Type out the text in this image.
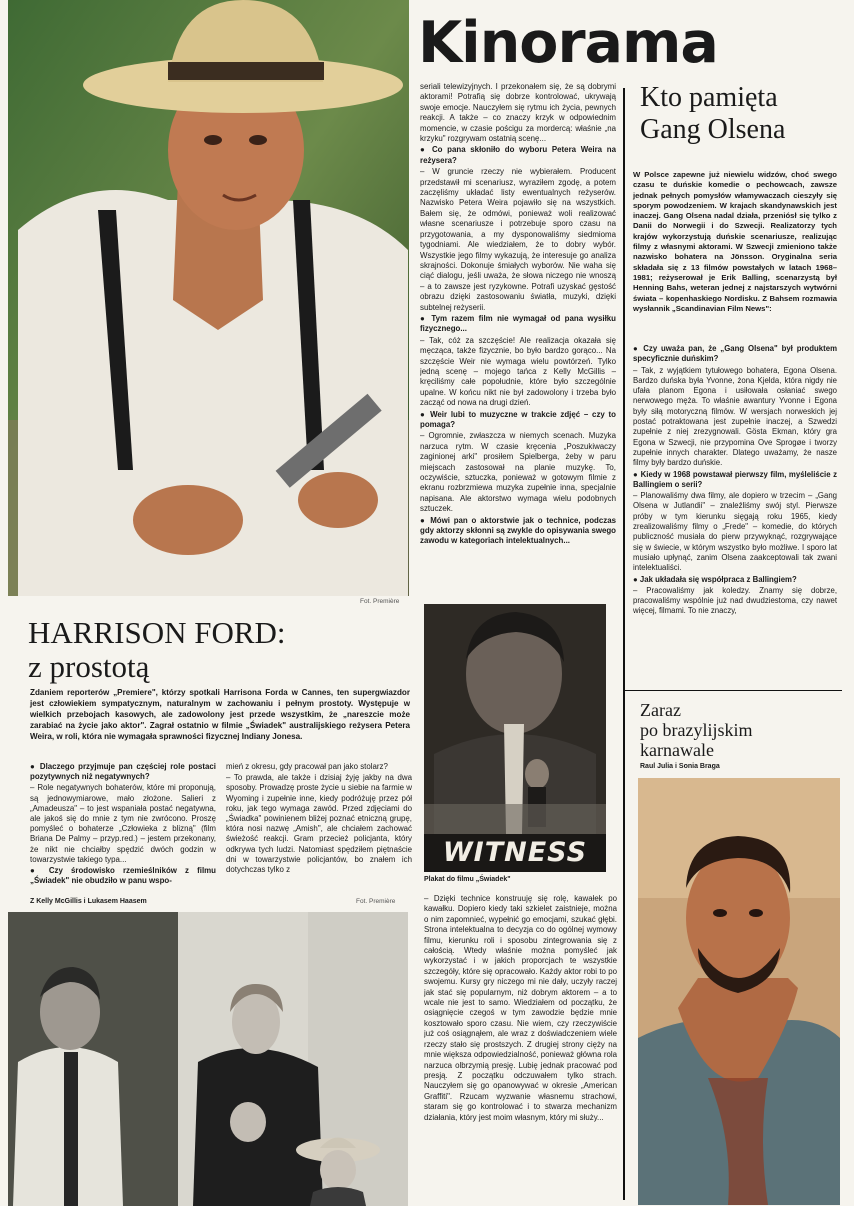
Fot. Première
Kinorama
Kto pamięta
Gang Olsena
W Polsce zapewne już niewielu widzów, choć swego czasu te duńskie komedie o pechowcach, zawsze jednak pełnych pomysłów włamywaczach cieszyły się sporym powodzeniem. W krajach skandynawskich jest inaczej. Gang Olsena nadal działa, przeniósł się tylko z Danii do Norwegii i do Szwecji. Realizatorzy tych krajów wykorzystują duńskie scenariusze, realizując filmy z własnymi aktorami. W Szwecji zmieniono także nazwisko bohatera na Jönsson. Oryginalna seria składała się z 13 filmów powstałych w latach 1968–1981; reżyserował je Erik Balling, scenarzystą był Henning Bahs, weteran jednej z najstarszych wytwórni świata – kopenhaskiego Nordisku. Z Bahsem rozmawia wysłannik „Scandinavian Film News":

● Czy uważa pan, że „Gang Olsena" był produktem specyficznie duńskim?

– Tak, z wyjątkiem tytułowego bohatera, Egona Olsena. Bardzo duńska była Yvonne, żona Kjelda, która nigdy nie ufała planom Egona i usiłowała osłaniać swego nerwowego męża. To właśnie awantury Yvonne i Egona były siłą motoryczną filmów. W wersjach norweskich jej postać potraktowana jest zupełnie inaczej, a Szwedzi zupełnie z niej zrezygnowali. Gösta Ekman, który gra Egona w Szwecji, nie przypomina Ove Sprogøe i tworzy zupełnie innych charakter. Dlatego uważamy, że nasze filmy były bardzo duńskie.

● Kiedy w 1968 powstawał pierwszy film, myśleliście z Ballingiem o serii?

– Planowaliśmy dwa filmy, ale dopiero w trzecim – „Gang Olsena w Jutlandii" – znaleźliśmy swój styl. Pierwsze próby w tym kierunku sięgają roku 1965, kiedy zrealizowaliśmy filmy o „Frede" – komedie, do których publiczność musiała do pierw przywyknąć, rozgrywające się w świecie, w którym wszystko było możliwe. I sporo lat musiało upłynąć, zanim Olsena zaakceptowali tak zwani intelektualiści.

● Jak układała się współpraca z Ballingiem?

– Pracowaliśmy jak koledzy. Znamy się dobrze, pracowaliśmy wspólnie już nad dwudziestoma, czy nawet więcej, filmami. To nie znaczy,

Zaraz
po brazylijskim
karnawale
Raul Julia i Sonia Braga
HARRISON FORD:
z prostotą
Zdaniem reporterów „Premiere", którzy spotkali Harrisona Forda w Cannes, ten supergwiazdor jest człowiekiem sympatycznym, naturalnym w zachowaniu i pełnym prostoty. Występuje w wielkich przebojach kasowych, ale zadowolony jest przede wszystkim, że „nareszcie może zarabiać na życie jako aktor". Zagrał ostatnio w filmie „Świadek" australijskiego reżysera Petera Weira, w roli, która nie wymagała sprawności fizycznej Indiany Jonesa.

● Dlaczego przyjmuje pan częściej role postaci pozytywnych niż negatywnych?

– Role negatywnych bohaterów, które mi proponują, są jednowymiarowe, mało złożone. Salieri z „Amadeusza" – to jest wspaniała postać negatywna, ale jakoś się do mnie z tym nie zwrócono. Proszę pomyśleć o bohaterze „Człowieka z blizną" (film Briana De Palmy – przyp.red.) – jestem przekonany, że nikt nie chciałby spędzić dwóch godzin w towarzystwie takiego typa...

● Czy środowisko rzemieślników z filmu „Świadek" nie obudziło w panu wspo-

mień z okresu, gdy pracował pan jako stolarz?

– To prawda, ale także i dzisiaj żyję jakby na dwa sposoby. Prowadzę proste życie u siebie na farmie w Wyoming i zupełnie inne, kiedy podróżuję przez pół roku, jak tego wymaga zawód. Przed zdjęciami do „Świadka" powinienem bliżej poznać etniczną grupę, która nosi nazwę „Amish", ale chciałem zachować świeżość reakcji. Gram przecież policjanta, który odkrywa tych ludzi. Natomiast spędziłem piętnaście dni w towarzystwie policjantów, bo znałem ich dotychczas tylko z

Z Kelly McGillis i Lukasem Haasem	Fot. Première
WITNESS
Plakat do filmu „Świadek"

seriali telewizyjnych. I przekonałem się, że są dobrymi aktorami! Potrafią się dobrze kontrolować, ukrywają swoje emocje. Nauczyłem się rytmu ich życia, pewnych reakcji. A także – co znaczy krzyk w odpowiednim momencie, w czasie pościgu za mordercą: właśnie „na krzyku" rozgrywam ostatnią scenę...

● Co pana skłoniło do wyboru Petera Weira na reżysera?

– W gruncie rzeczy nie wybierałem. Producent przedstawił mi scenariusz, wyraziłem zgodę, a potem zaczęliśmy układać listy ewentualnych reżyserów. Nazwisko Petera Weira pojawiło się na wszystkich. Bałem się, że odmówi, ponieważ woli realizować własne scenariusze i potrzebuje sporo czasu na przygotowania, a my dysponowaliśmy siedmioma tygodniami. Ale wiedziałem, że to dobry wybór. Wszystkie jego filmy wykazują, że interesuje go analiza skrajności. Dokonuje śmiałych wyborów. Nie waha się ciąć dialogu, jeśli uważa, że słowa niczego nie wnoszą – a to zawsze jest ryzykowne. Potrafi uzyskać gęstość obrazu dzięki zastosowaniu światła, muzyki, dzięki subtelnej reżyserii.

● Tym razem film nie wymagał od pana wysiłku fizycznego...

– Tak, cóż za szczęście! Ale realizacja okazała się męcząca, także fizycznie, bo było bardzo gorąco... Na szczęście Weir nie wymaga wielu powtórzeń. Tylko jedną scenę – mojego tańca z Kelly McGillis – kręciliśmy całe popołudnie, które było szczególnie upalne. W końcu nikt nie był zadowolony i trzeba było zacząć od nowa na drugi dzień.

● Weir lubi to muzyczne w trakcie zdjęć – czy to pomaga?

– Ogromnie, zwłaszcza w niemych scenach. Muzyka narzuca rytm. W czasie kręcenia „Poszukiwaczy zaginionej arki" prosiłem Spielberga, żeby w paru miejscach zastosował na planie muzykę. To, oczywiście, sztuczka, ponieważ w gotowym filmie z ekranu rozbrzmiewa muzyka zupełnie inna, specjalnie napisana. Ale aktorstwo wymaga wielu podobnych sztuczek.

● Mówi pan o aktorstwie jak o technice, podczas gdy aktorzy skłonni są zwykle do opisywania swego zawodu w kategoriach intelektualnych...

– Dzięki technice konstruuję się rolę, kawałek po kawałku. Dopiero kiedy taki szkielet zaistnieje, można o nim zapomnieć, wypełnić go emocjami, szukać głębi. Strona intelektualna to decyzja co do ogólnej wymowy filmu, kierunku roli i sposobu zintegrowania się z całością. Wtedy właśnie można pomyśleć jak wykorzystać i w jakich proporcjach te wszystkie szczegóły, które się opracowało. Każdy aktor robi to po swojemu. Kursy gry niczego mi nie dały, uczyły raczej jak stać się popularnym, niż dobrym aktorem – a to wcale nie jest to samo. Wiedziałem od początku, że osiągnięcie czegoś w tym zawodzie będzie mnie kosztowało sporo czasu. Nie wiem, czy rzeczywiście już coś osiągnąłem, ale wraz z doświadczeniem wiele rzeczy stało się prostszych. Z drugiej strony cięży na mnie większa odpowiedzialność, ponieważ główna rola narzuca olbrzymią presję. Lubię jednak pracować pod presją. Z początku odczuwałem tylko strach. Nauczyłem się go opanowywać w okresie „American Graffiti". Rzucam wyzwanie własnemu strachowi, staram się go kontrolować i to stwarza mechanizm działania, który jest moim własnym, który mi służy...
